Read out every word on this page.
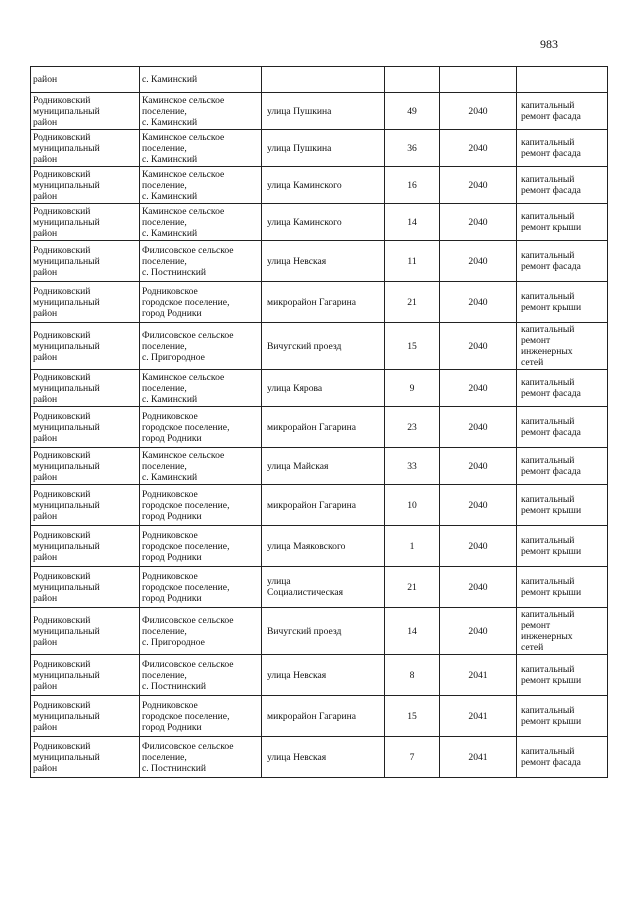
983
район	с. Каминский				

Родниковский
муниципальный
район	Каминское сельское
поселение,
с. Каминский	улица Пушкина	49	2040	капитальный
ремонт фасада

Родниковский
муниципальный
район	Каминское сельское
поселение,
с. Каминский	улица Пушкина	36	2040	капитальный
ремонт фасада

Родниковский
муниципальный
район	Каминское сельское
поселение,
с. Каминский	улица Каминского	16	2040	капитальный
ремонт фасада

Родниковский
муниципальный
район	Каминское сельское
поселение,
с. Каминский	улица Каминского	14	2040	капитальный
ремонт крыши

Родниковский
муниципальный
район	Филисовское сельское
поселение,
с. Постнинский	улица Невская	11	2040	капитальный
ремонт фасада

Родниковский
муниципальный
район	Родниковское
городское поселение,
город Родники	микрорайон Гагарина	21	2040	капитальный
ремонт крыши

Родниковский
муниципальный
район	Филисовское сельское
поселение,
с. Пригородное	Вичугский проезд	15	2040	капитальный
ремонт
инженерных
сетей

Родниковский
муниципальный
район	Каминское сельское
поселение,
с. Каминский	улица Кярова	9	2040	капитальный
ремонт фасада

Родниковский
муниципальный
район	Родниковское
городское поселение,
город Родники	микрорайон Гагарина	23	2040	капитальный
ремонт фасада

Родниковский
муниципальный
район	Каминское сельское
поселение,
с. Каминский	улица Майская	33	2040	капитальный
ремонт фасада

Родниковский
муниципальный
район	Родниковское
городское поселение,
город Родники	микрорайон Гагарина	10	2040	капитальный
ремонт крыши

Родниковский
муниципальный
район	Родниковское
городское поселение,
город Родники	улица Маяковского	1	2040	капитальный
ремонт крыши

Родниковский
муниципальный
район	Родниковское
городское поселение,
город Родники	улица
Социалистическая	21	2040	капитальный
ремонт крыши

Родниковский
муниципальный
район	Филисовское сельское
поселение,
с. Пригородное	Вичугский проезд	14	2040	капитальный
ремонт
инженерных
сетей

Родниковский
муниципальный
район	Филисовское сельское
поселение,
с. Постнинский	улица Невская	8	2041	капитальный
ремонт крыши

Родниковский
муниципальный
район	Родниковское
городское поселение,
город Родники	микрорайон Гагарина	15	2041	капитальный
ремонт крыши

Родниковский
муниципальный
район	Филисовское сельское
поселение,
с. Постнинский	улица Невская	7	2041	капитальный
ремонт фасада
